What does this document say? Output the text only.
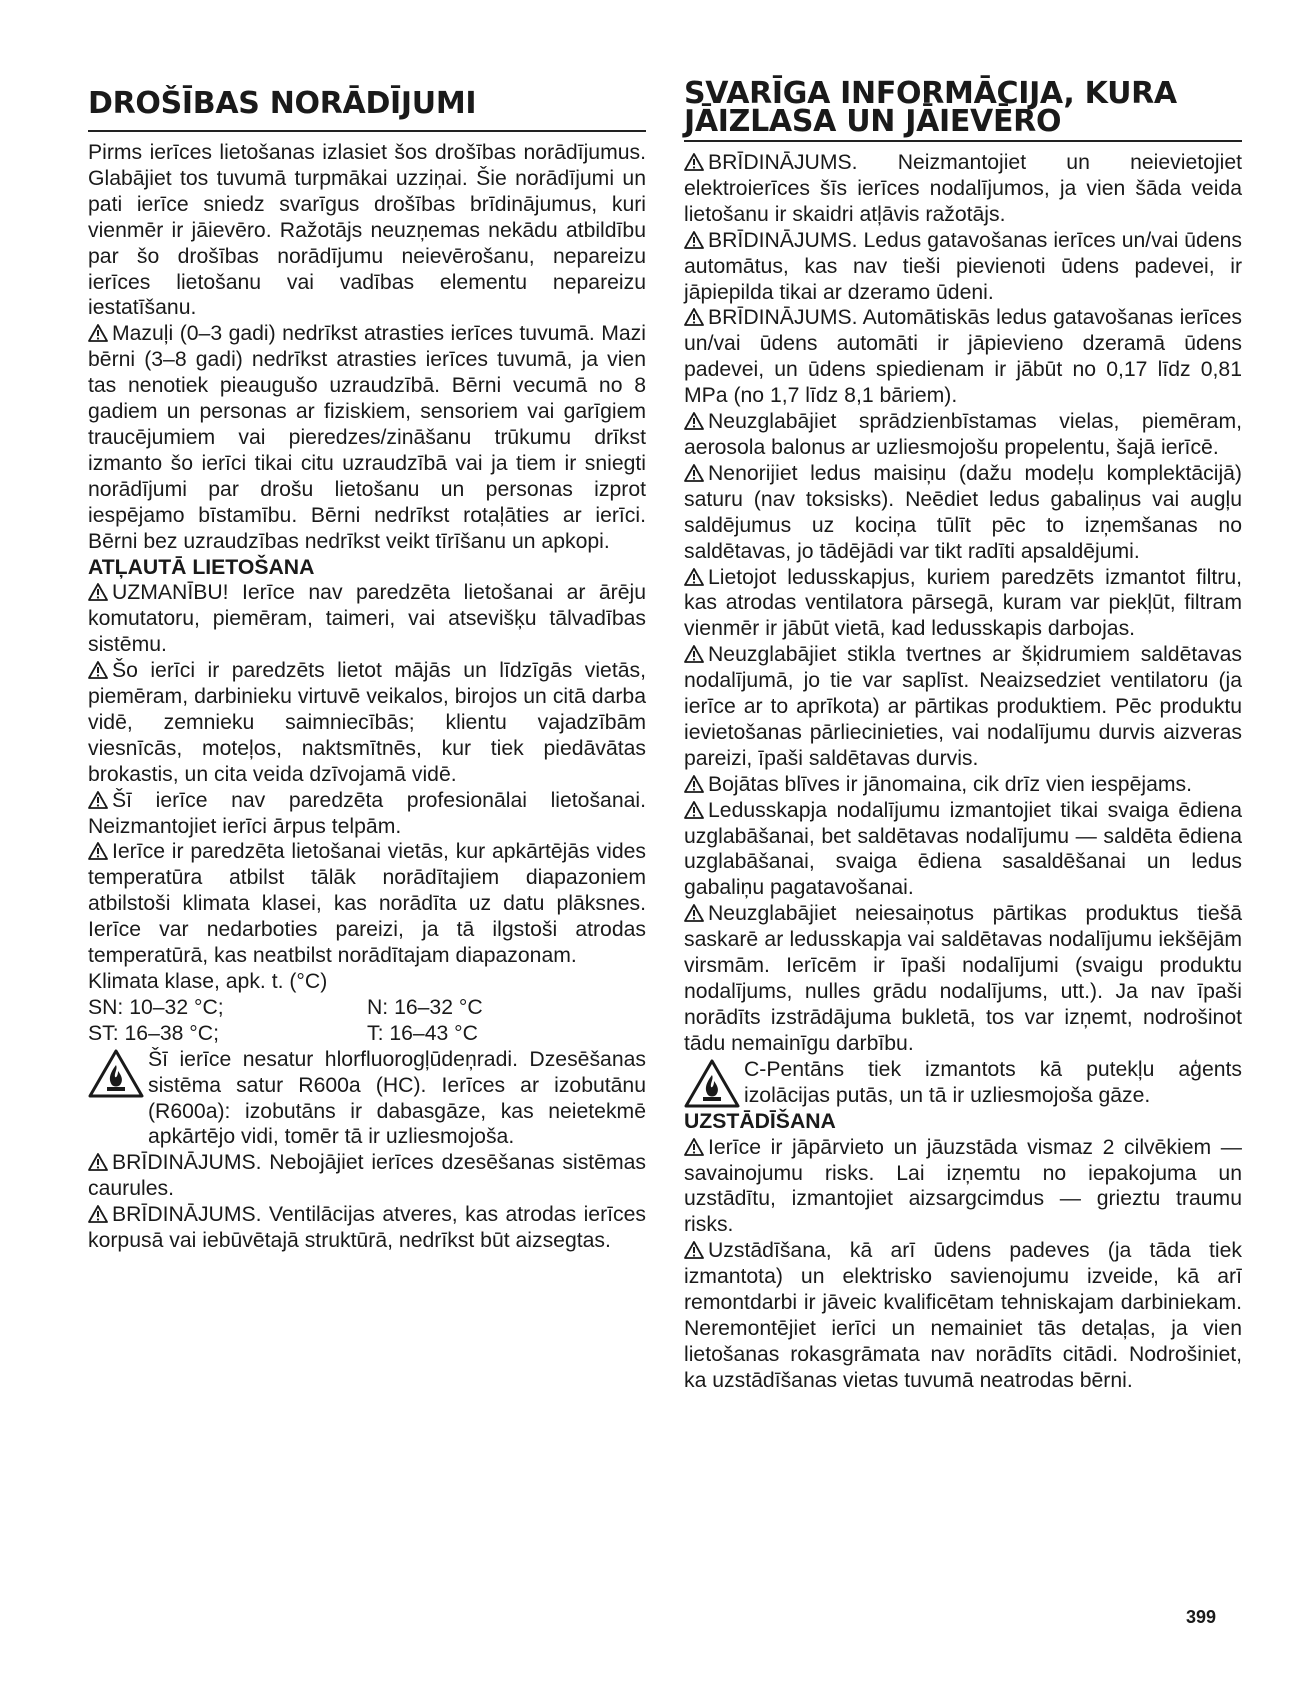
DROŠĪBAS NORĀDĪJUMI

Pirms ierīces lietošanas izlasiet šos drošības norādījumus. Glabājiet tos tuvumā turpmākai uzziņai. Šie norādījumi un pati ierīce sniedz svarīgus drošības brīdinājumus, kuri vienmēr ir jāievēro. Ražotājs neuzņemas nekādu atbildību par šo drošības norādījumu neievērošanu, nepareizu ierīces lietošanu vai vadības elementu nepareizu iestatīšanu.

Mazuļi (0–3 gadi) nedrīkst atrasties ierīces tuvumā. Mazi bērni (3–8 gadi) nedrīkst atrasties ierīces tuvumā, ja vien tas nenotiek pieaugušo uzraudzībā. Bērni vecumā no 8 gadiem un personas ar fiziskiem, sensoriem vai garīgiem traucējumiem vai pieredzes/zināšanu trūkumu drīkst izmanto šo ierīci tikai citu uzraudzībā vai ja tiem ir sniegti norādījumi par drošu lietošanu un personas izprot iespējamo bīstamību. Bērni nedrīkst rotaļāties ar ierīci. Bērni bez uzraudzības nedrīkst veikt tīrīšanu un apkopi.

ATĻAUTĀ LIETOŠANA

UZMANĪBU! Ierīce nav paredzēta lietošanai ar ārēju komutatoru, piemēram, taimeri, vai atsevišķu tālvadības sistēmu.

Šo ierīci ir paredzēts lietot mājās un līdzīgās vietās, piemēram, darbinieku virtuvē veikalos, birojos un citā darba vidē, zemnieku saimniecībās; klientu vajadzībām viesnīcās, moteļos, naktsmītnēs, kur tiek piedāvātas brokastis, un cita veida dzīvojamā vidē.

Šī ierīce nav paredzēta profesionālai lietošanai. Neizmantojiet ierīci ārpus telpām.

Ierīce ir paredzēta lietošanai vietās, kur apkārtējās vides temperatūra atbilst tālāk norādītajiem diapazoniem atbilstoši klimata klasei, kas norādīta uz datu plāksnes. Ierīce var nedarboties pareizi, ja tā ilgstoši atrodas temperatūrā, kas neatbilst norādītajam diapazonam.

Klimata klase, apk. t. (°C)

SN: 10–32 °C;	N: 16–32 °C
ST: 16–38 °C;	T: 16–43 °C

Šī ierīce nesatur hlorfluorogļūdeņradi. Dzesēšanas sistēma satur R600a (HC). Ierīces ar izobutānu (R600a): izobutāns ir dabasgāze, kas neietekmē apkārtējo vidi, tomēr tā ir uzliesmojoša.

BRĪDINĀJUMS. Nebojājiet ierīces dzesēšanas sistēmas caurules.

BRĪDINĀJUMS. Ventilācijas atveres, kas atrodas ierīces korpusā vai iebūvētajā struktūrā, nedrīkst būt aizsegtas.

SVARĪGA INFORMĀCIJA, KURA
JĀIZLASA UN JĀIEVĒRO

BRĪDINĀJUMS. Neizmantojiet un neievietojiet elektroierīces šīs ierīces nodalījumos, ja vien šāda veida lietošanu ir skaidri atļāvis ražotājs.

BRĪDINĀJUMS. Ledus gatavošanas ierīces un/vai ūdens automātus, kas nav tieši pievienoti ūdens padevei, ir jāpiepilda tikai ar dzeramo ūdeni.

BRĪDINĀJUMS. Automātiskās ledus gatavošanas ierīces un/vai ūdens automāti ir jāpievieno dzeramā ūdens padevei, un ūdens spiedienam ir jābūt no 0,17 līdz 0,81 MPa (no 1,7 līdz 8,1 bāriem).

Neuzglabājiet sprādzienbīstamas vielas, piemēram, aerosola balonus ar uzliesmojošu propelentu, šajā ierīcē.

Nenorijiet ledus maisiņu (dažu modeļu komplektācijā) saturu (nav toksisks). Neēdiet ledus gabaliņus vai augļu saldējumus uz kociņa tūlīt pēc to izņemšanas no saldētavas, jo tādējādi var tikt radīti apsaldējumi.

Lietojot ledusskapjus, kuriem paredzēts izmantot filtru, kas atrodas ventilatora pārsegā, kuram var piekļūt, filtram vienmēr ir jābūt vietā, kad ledusskapis darbojas.

Neuzglabājiet stikla tvertnes ar šķidrumiem saldētavas nodalījumā, jo tie var saplīst. Neaizsedziet ventilatoru (ja ierīce ar to aprīkota) ar pārtikas produktiem. Pēc produktu ievietošanas pārliecinieties, vai nodalījumu durvis aizveras pareizi, īpaši saldētavas durvis.

Bojātas blīves ir jānomaina, cik drīz vien iespējams.

Ledusskapja nodalījumu izmantojiet tikai svaiga ēdiena uzglabāšanai, bet saldētavas nodalījumu — saldēta ēdiena uzglabāšanai, svaiga ēdiena sasaldēšanai un ledus gabaliņu pagatavošanai.

Neuzglabājiet neiesaiņotus pārtikas produktus tiešā saskarē ar ledusskapja vai saldētavas nodalījumu iekšējām virsmām. Ierīcēm ir īpaši nodalījumi (svaigu produktu nodalījums, nulles grādu nodalījums, utt.). Ja nav īpaši norādīts izstrādājuma bukletā, tos var izņemt, nodrošinot tādu nemainīgu darbību.

C-Pentāns tiek izmantots kā putekļu aģents izolācijas putās, un tā ir uzliesmojoša gāze.

UZSTĀDĪŠANA

Ierīce ir jāpārvieto un jāuzstāda vismaz 2 cilvēkiem — savainojumu risks. Lai izņemtu no iepakojuma un uzstādītu, izmantojiet aizsargcimdus — grieztu traumu risks.

Uzstādīšana, kā arī ūdens padeves (ja tāda tiek izmantota) un elektrisko savienojumu izveide, kā arī remontdarbi ir jāveic kvalificētam tehniskajam darbiniekam. Neremontējiet ierīci un nemainiet tās detaļas, ja vien lietošanas rokasgrāmata nav norādīts citādi. Nodrošiniet, ka uzstādīšanas vietas tuvumā neatrodas bērni.

399
